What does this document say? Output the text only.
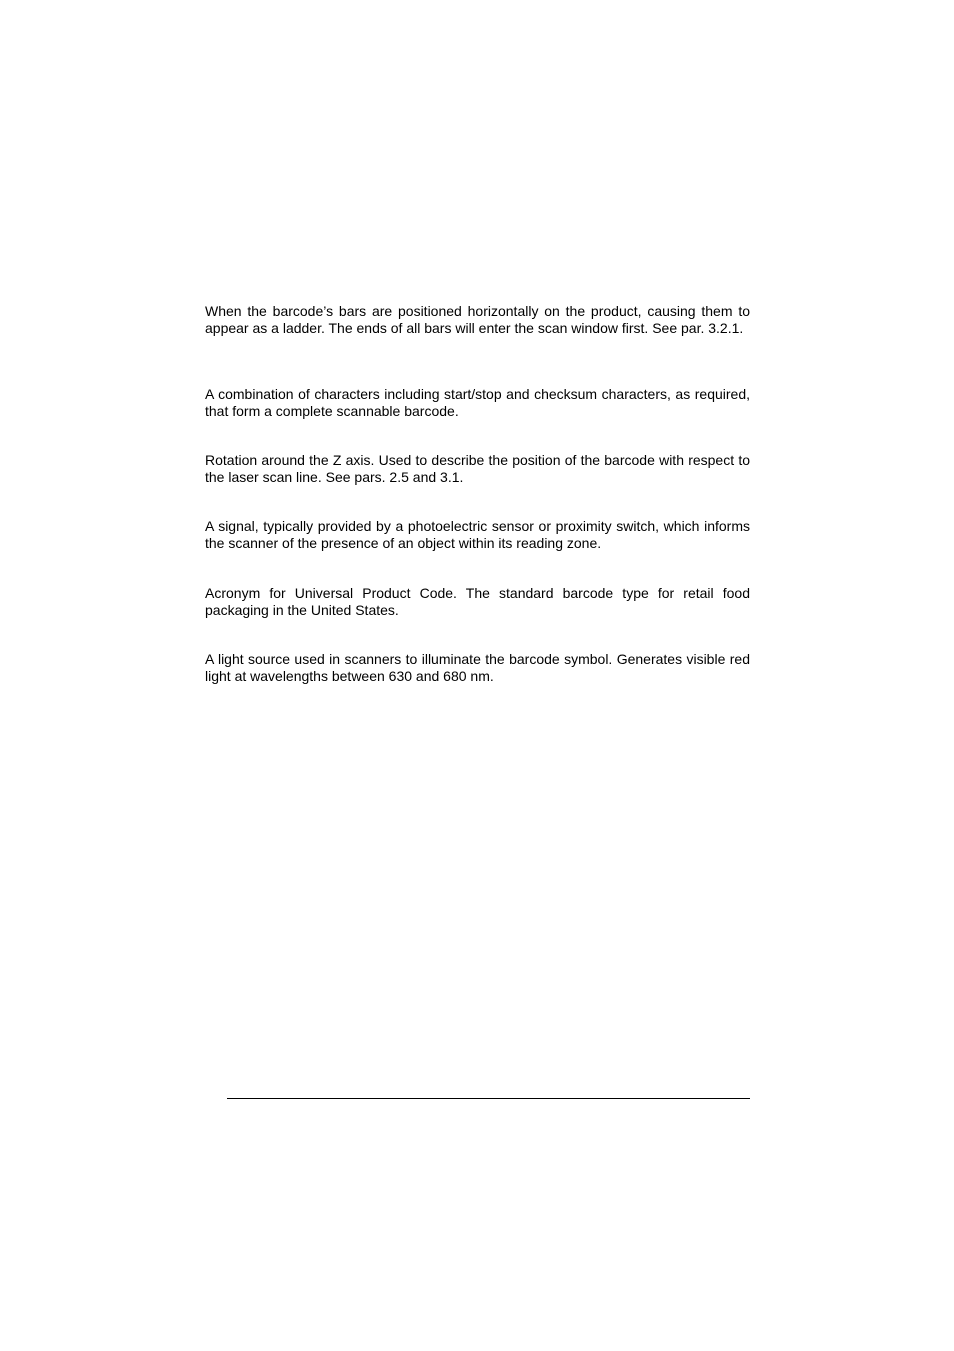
When the barcode’s bars are positioned horizontally on the product, causing them to appear as a ladder. The ends of all bars will enter the scan window first. See par. 3.2.1.

A combination of characters including start/stop and checksum characters, as required, that form a complete scannable barcode.

Rotation around the Z axis. Used to describe the position of the barcode with respect to the laser scan line. See pars. 2.5 and 3.1.

A signal, typically provided by a photoelectric sensor or proximity switch, which informs the scanner of the presence of an object within its reading zone.

Acronym for Universal Product Code. The standard barcode type for retail food packaging in the United States.

A light source used in scanners to illuminate the barcode symbol. Generates visible red light at wavelengths between 630 and 680 nm.
